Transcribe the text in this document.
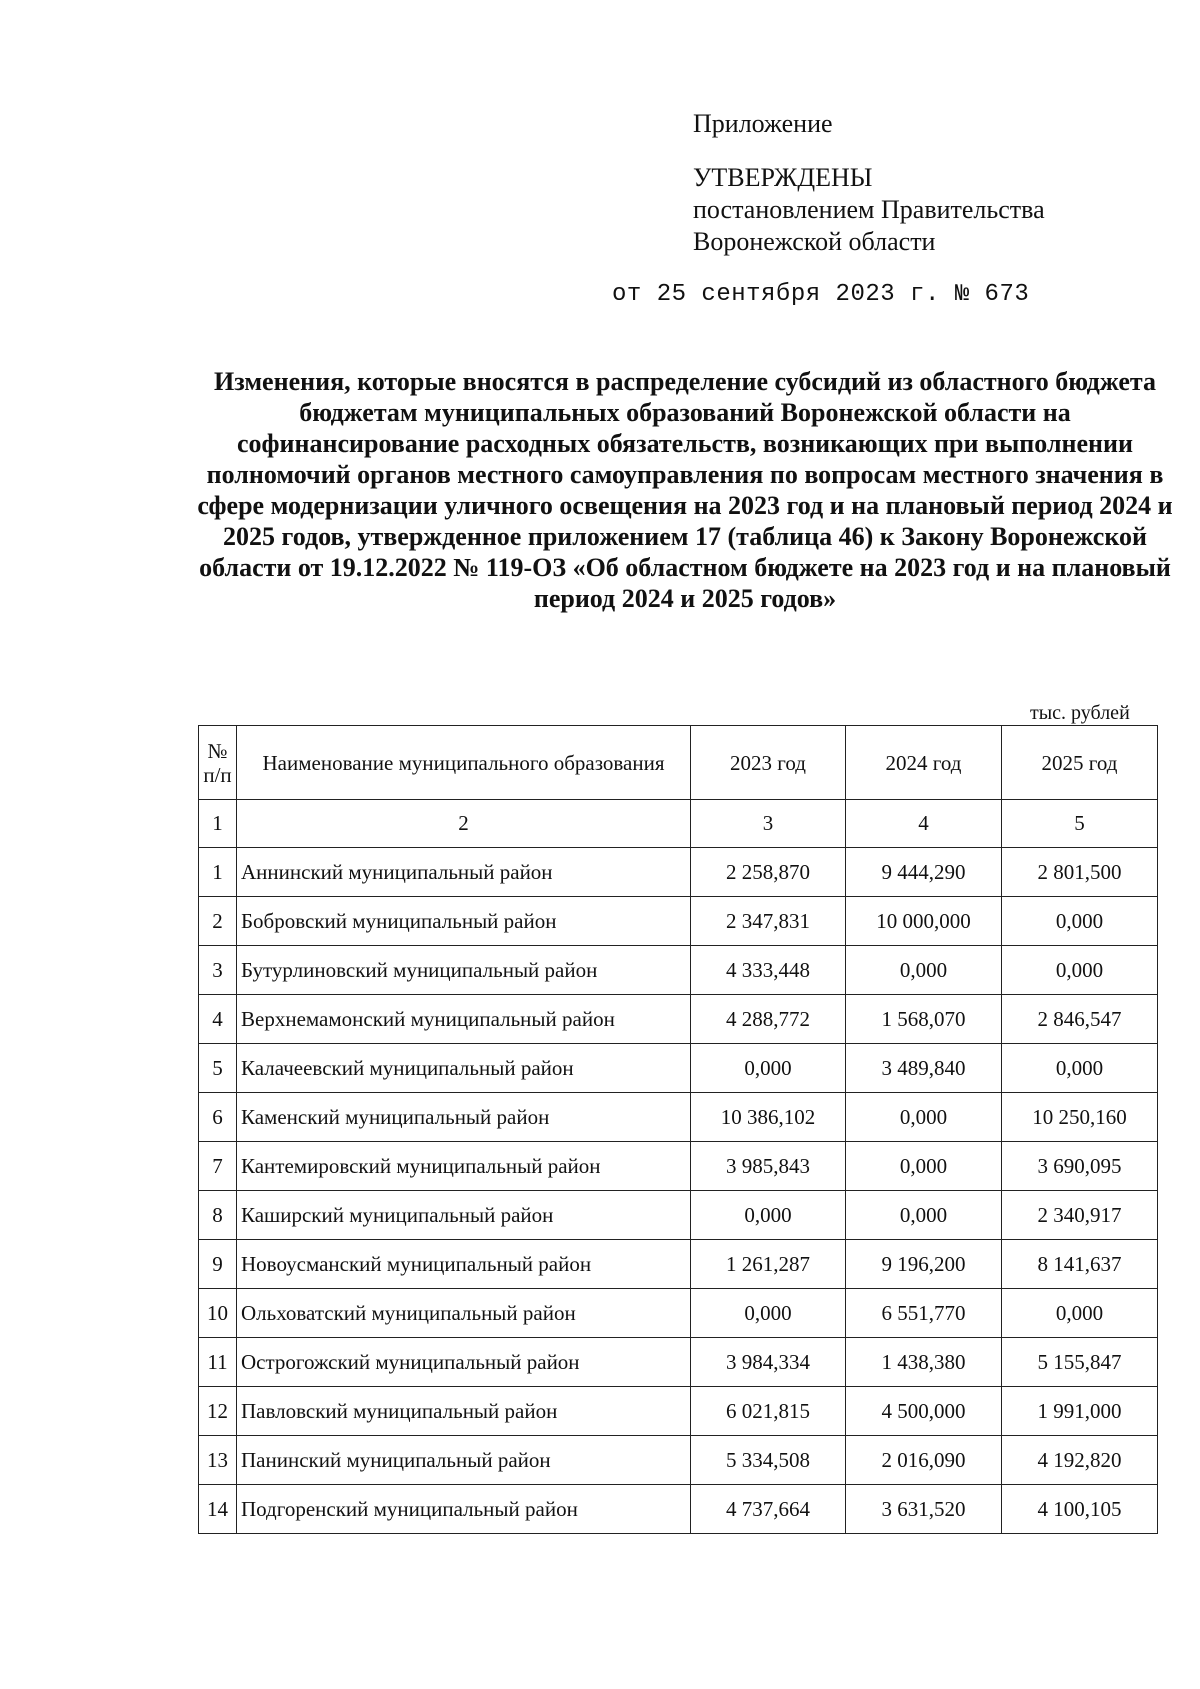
Приложение
УТВЕРЖДЕНЫ
постановлением Правительства
Воронежской области
от 25 сентября 2023 г. № 673
Изменения, которые вносятся в распределение субсидий из областного бюджета бюджетам муниципальных образований Воронежской области на софинансирование расходных обязательств, возникающих при выполнении полномочий органов местного самоуправления по вопросам местного значения в сфере модернизации уличного освещения на 2023 год и на плановый период 2024 и 2025 годов, утвержденное приложением 17 (таблица 46) к Закону Воронежской области от 19.12.2022 № 119-ОЗ «Об областном бюджете на 2023 год и на плановый период 2024 и 2025 годов»
тыс. рублей
№ п/п	Наименование муниципального образования	2023 год	2024 год	2025 год
1	2	3	4	5
1	Аннинский муниципальный район	2 258,870	9 444,290	2 801,500
2	Бобровский муниципальный район	2 347,831	10 000,000	0,000
3	Бутурлиновский муниципальный район	4 333,448	0,000	0,000
4	Верхнемамонский муниципальный район	4 288,772	1 568,070	2 846,547
5	Калачеевский муниципальный район	0,000	3 489,840	0,000
6	Каменский муниципальный район	10 386,102	0,000	10 250,160
7	Кантемировский муниципальный район	3 985,843	0,000	3 690,095
8	Каширский муниципальный район	0,000	0,000	2 340,917
9	Новоусманский муниципальный район	1 261,287	9 196,200	8 141,637
10	Ольховатский муниципальный район	0,000	6 551,770	0,000
11	Острогожский муниципальный район	3 984,334	1 438,380	5 155,847
12	Павловский муниципальный район	6 021,815	4 500,000	1 991,000
13	Панинский муниципальный район	5 334,508	2 016,090	4 192,820
14	Подгоренский муниципальный район	4 737,664	3 631,520	4 100,105
